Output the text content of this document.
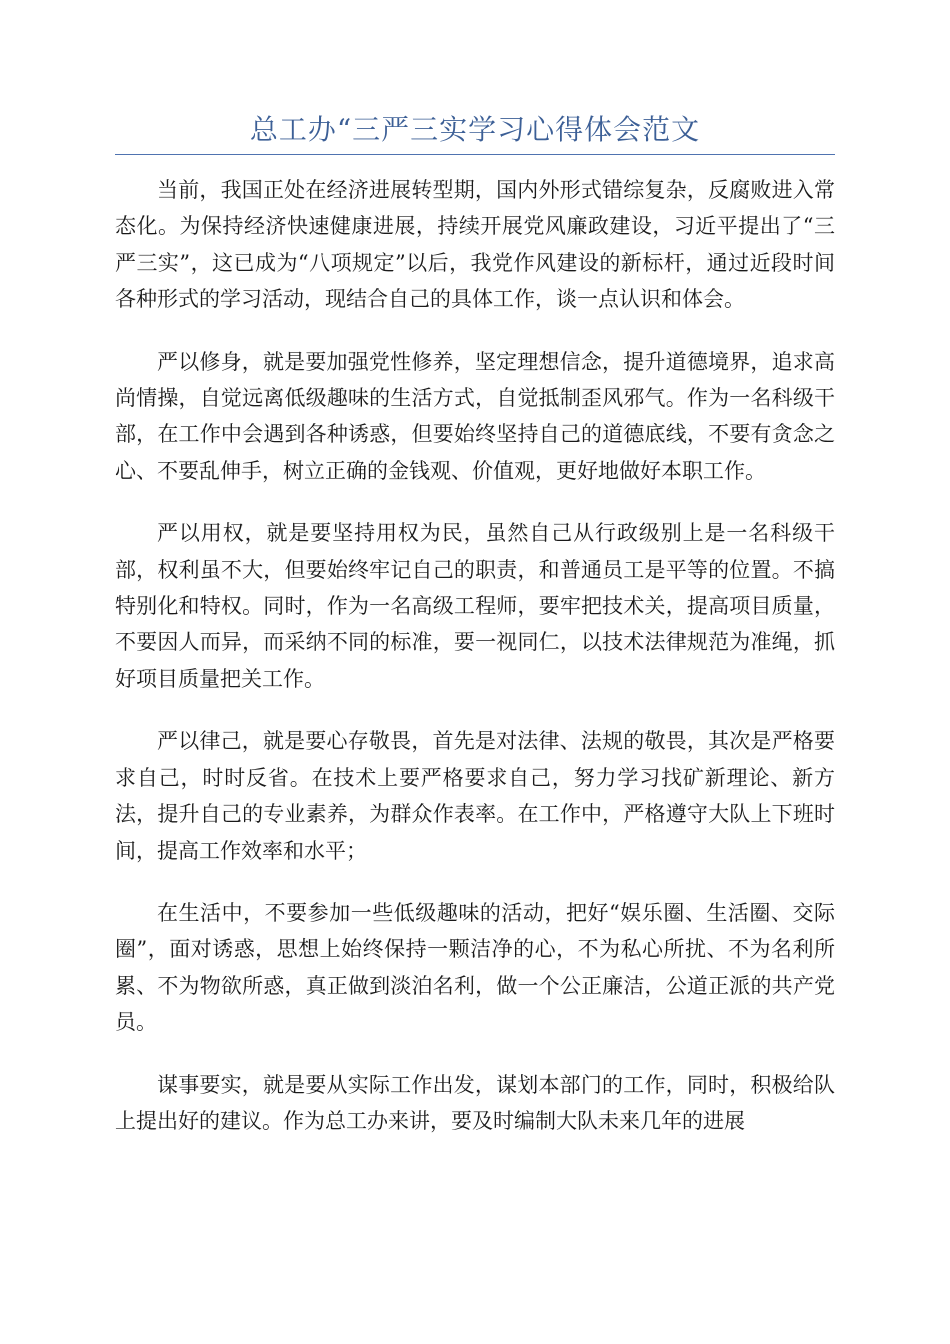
总工办“三严三实学习心得体会范文

当前，我国正处在经济进展转型期，国内外形式错综复杂，反腐败进入常态化。为保持经济快速健康进展，持续开展党风廉政建设，习近平提出了“三严三实”，这已成为“八项规定”以后，我党作风建设的新标杆，通过近段时间各种形式的学习活动，现结合自己的具体工作，谈一点认识和体会。

严以修身，就是要加强党性修养，坚定理想信念，提升道德境界，追求高尚情操，自觉远离低级趣味的生活方式，自觉抵制歪风邪气。作为一名科级干部，在工作中会遇到各种诱惑，但要始终坚持自己的道德底线，不要有贪念之心、不要乱伸手，树立正确的金钱观、价值观，更好地做好本职工作。

严以用权，就是要坚持用权为民，虽然自己从行政级别上是一名科级干部，权利虽不大，但要始终牢记自己的职责，和普通员工是平等的位置。不搞特别化和特权。同时，作为一名高级工程师，要牢把技术关，提高项目质量，不要因人而异，而采纳不同的标准，要一视同仁，以技术法律规范为准绳，抓好项目质量把关工作。

严以律己，就是要心存敬畏，首先是对法律、法规的敬畏，其次是严格要求自己，时时反省。在技术上要严格要求自己，努力学习找矿新理论、新方法，提升自己的专业素养，为群众作表率。在工作中，严格遵守大队上下班时间，提高工作效率和水平；

在生活中，不要参加一些低级趣味的活动，把好“娱乐圈、生活圈、交际圈”，面对诱惑，思想上始终保持一颗洁净的心，不为私心所扰、不为名利所累、不为物欲所惑，真正做到淡泊名利，做一个公正廉洁，公道正派的共产党员。

谋事要实，就是要从实际工作出发，谋划本部门的工作，同时，积极给队上提出好的建议。作为总工办来讲，要及时编制大队未来几年的进展
